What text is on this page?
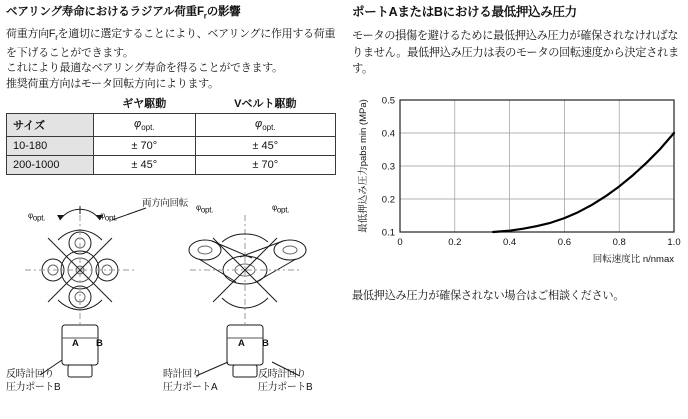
ベアリング寿命におけるラジアル荷重$F_r$の影響
荷重方向$F_r$を適切に選定することにより、ベアリングに作用する荷重を下げることができます。
これにより最適なベアリング寿命を得ることができます。
推奨荷重方向はモータ回転方向によります。
	ギヤ駆動	Vベルト駆動
サイズ	$\varphi_{opt.}$	$\varphi_{opt.}$
10-180	± 70°	± 45°
200-1000	± 45°	± 70°
φopt.	φopt.
φopt.	φopt.
両方向回転
A B	A B
反時計回り
圧力ポートB
時計回り
圧力ポートA
反時計回り
圧力ポートB
ポートAまたはBにおける最低押込み圧力
モータの損傷を避けるために最低押込み圧力が確保されなければなりません。最低押込み圧力は表のモータの回転速度から決定されます。
0	0.2	0.4	0.6	0.8	1.0
0.1
0.2
0.3
0.4
0.5
最低押込み圧力pabs min (MPa)
回転速度比 n/nmax
最低押込み圧力が確保されない場合はご相談ください。
